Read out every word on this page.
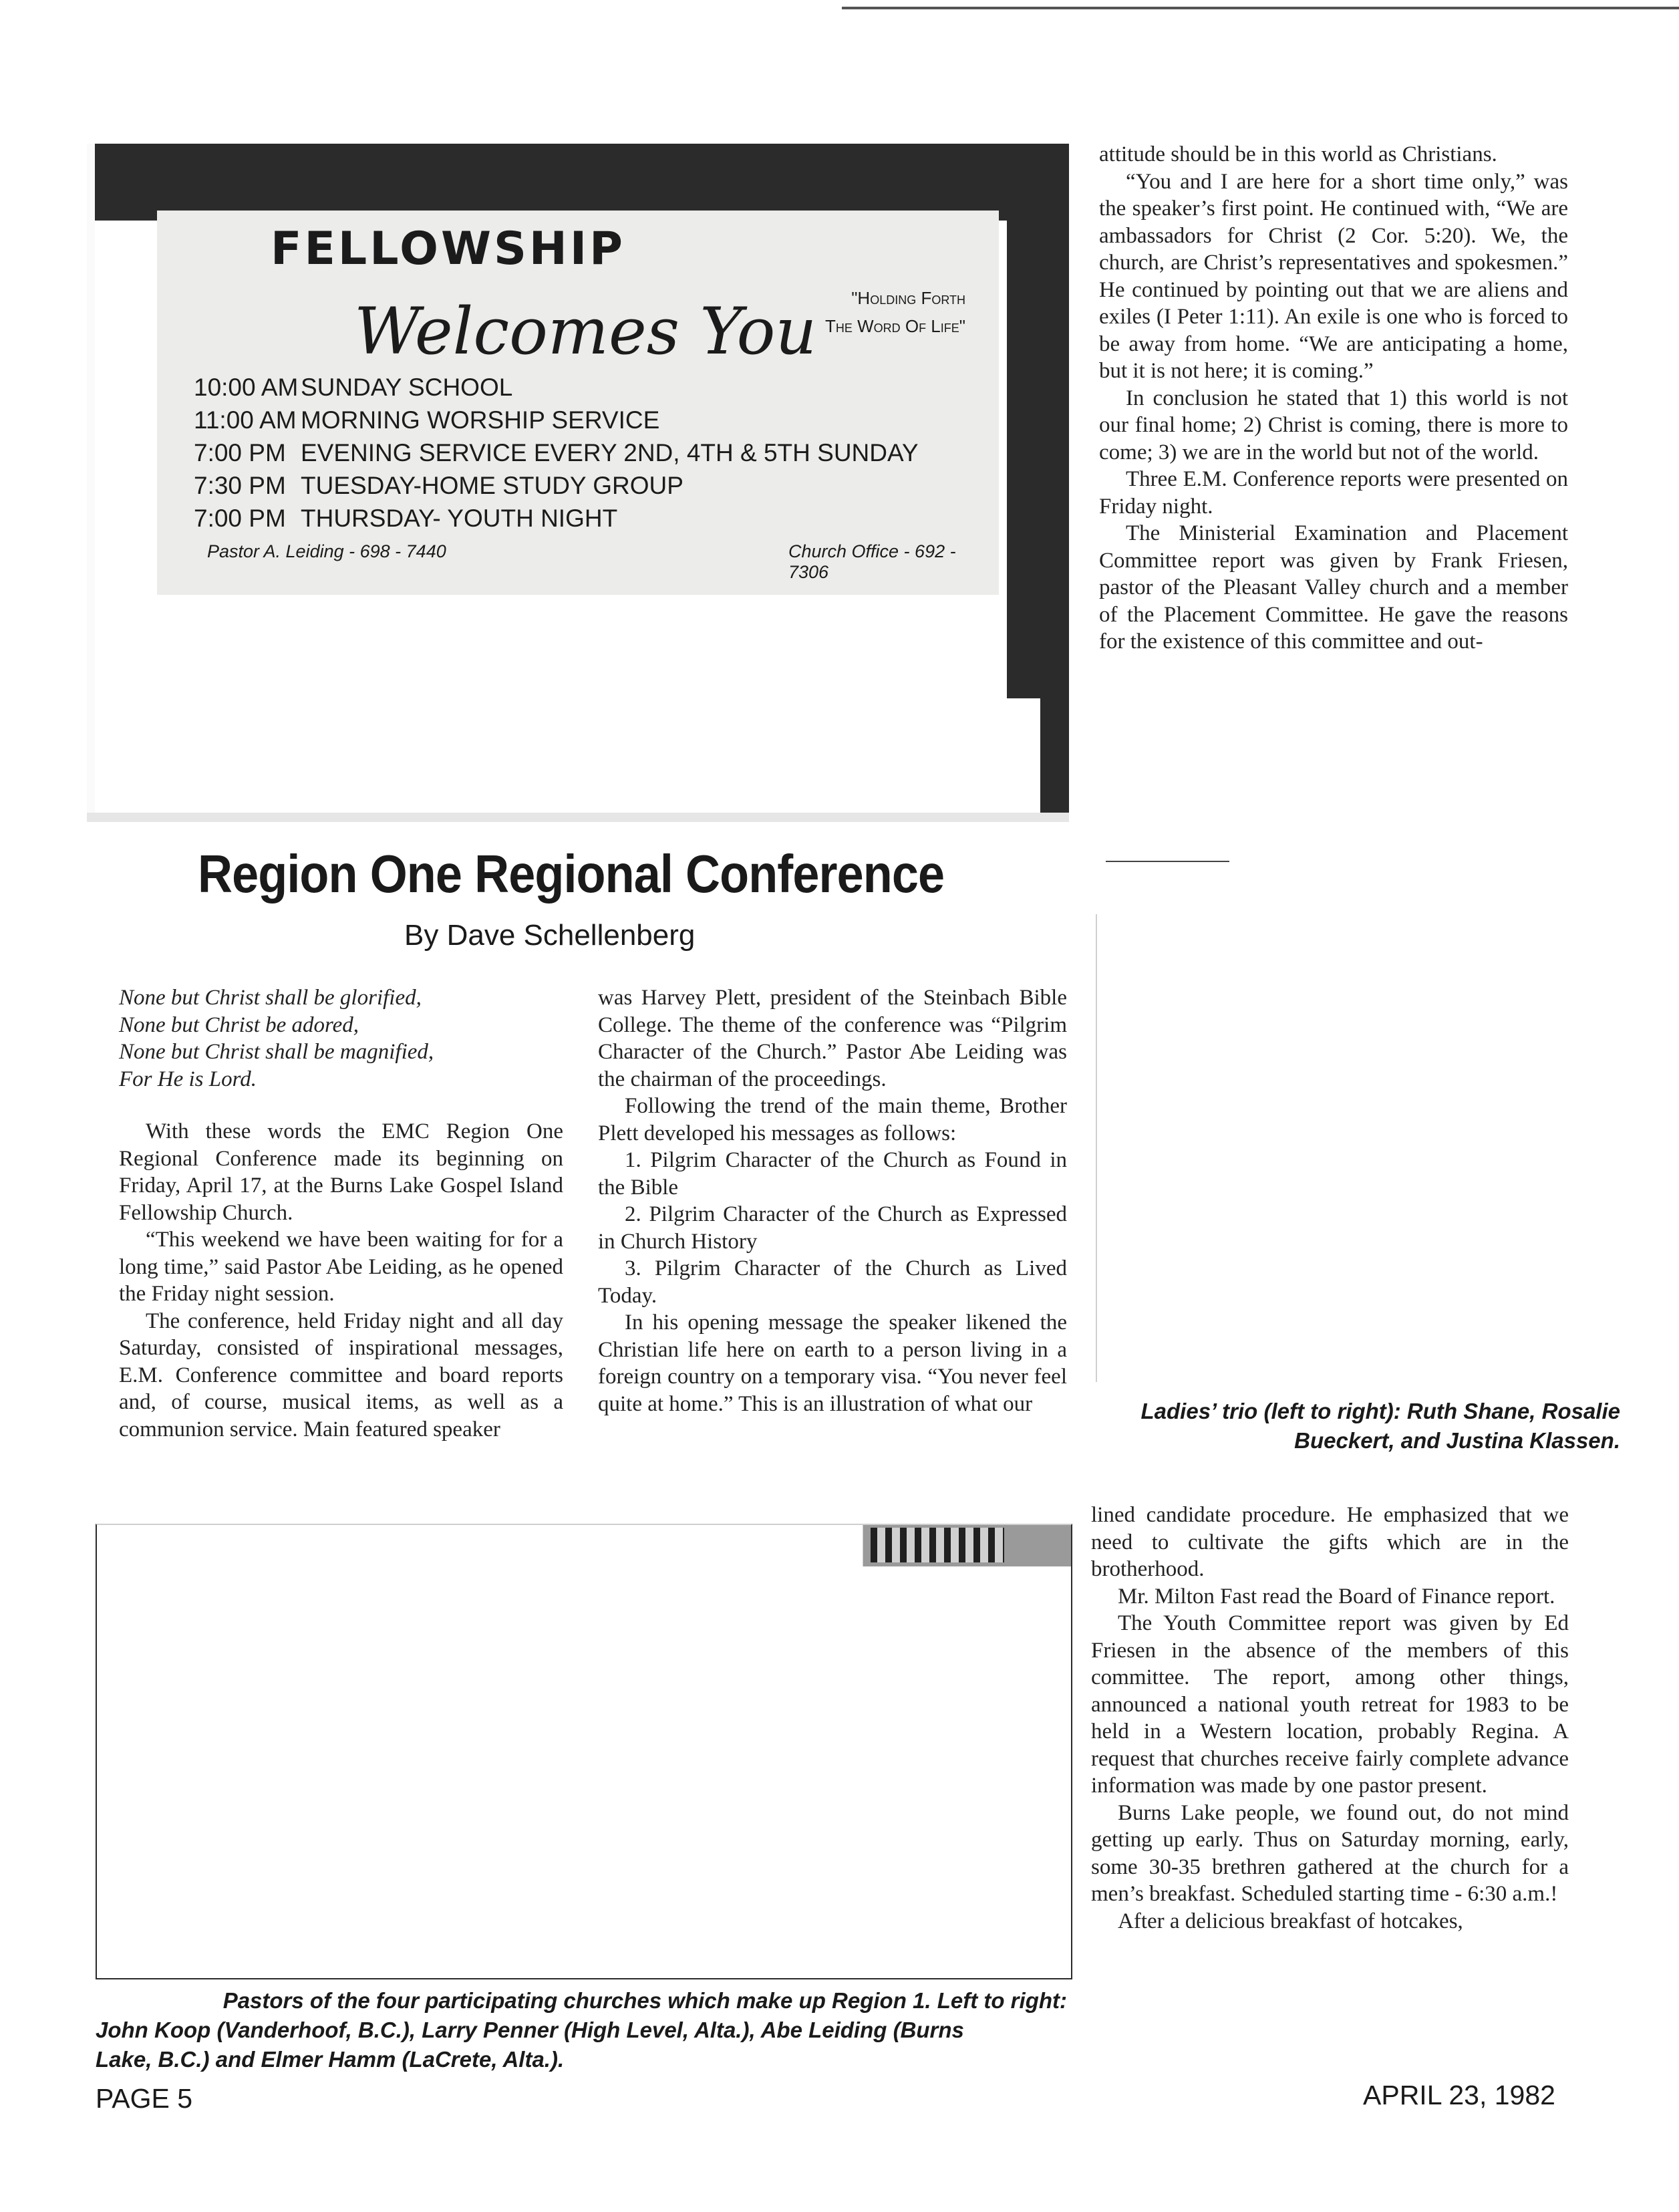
FELLOWSHIP
Welcomes You	"Holding Forth
The Word Of Life"
10:00 AMSUNDAY SCHOOL
11:00 AM MORNING WORSHIP SERVICE
7:00 PM EVENING SERVICE EVERY 2ND, 4TH & 5TH SUNDAY
7:30 PM TUESDAY-HOME STUDY GROUP
7:00 PM THURSDAY- YOUTH NIGHT
Pastor A. Leiding - 698 - 7440	Church Office - 692 - 7306
Region One Regional Conference
By Dave Schellenberg
None but Christ shall be glorified,
None but Christ be adored,
None but Christ shall be magnified,
For He is Lord.

With these words the EMC Region One Regional Conference made its beginning on Friday, April 17, at the Burns Lake Gospel Island Fellowship Church.

“This weekend we have been waiting for for a long time,” said Pastor Abe Leiding, as he opened the Friday night session.

The conference, held Friday night and all day Saturday, consisted of inspirational messages, E.M. Conference committee and board reports and, of course, musical items, as well as a communion service. Main featured speaker

was Harvey Plett, president of the Steinbach Bible College. The theme of the conference was “Pilgrim Character of the Church.” Pastor Abe Leiding was the chairman of the proceedings.

Following the trend of the main theme, Brother Plett developed his messages as follows:

1. Pilgrim Character of the Church as Found in the Bible

2. Pilgrim Character of the Church as Expressed in Church History

3. Pilgrim Character of the Church as Lived Today.

In his opening message the speaker likened the Christian life here on earth to a person living in a foreign country on a temporary visa. “You never feel quite at home.” This is an illustration of what our

attitude should be in this world as Christians.

“You and I are here for a short time only,” was the speaker’s first point. He continued with, “We are ambassadors for Christ (2 Cor. 5:20). We, the church, are Christ’s representatives and spokesmen.” He continued by pointing out that we are aliens and exiles (I Peter 1:11). An exile is one who is forced to be away from home. “We are anticipating a home, but it is not here; it is coming.”

In conclusion he stated that 1) this world is not our final home; 2) Christ is coming, there is more to come; 3) we are in the world but not of the world.

Three E.M. Conference reports were presented on Friday night.

The Ministerial Examination and Placement Committee report was given by Frank Friesen, pastor of the Pleasant Valley church and a member of the Placement Committee. He gave the reasons for the existence of this committee and out-

Ladies’ trio (left to right): Ruth Shane, Rosalie Bueckert, and Justina Klassen.
Pastors of the four participating churches which make up Region 1. Left to right:
John Koop (Vanderhoof, B.C.), Larry Penner (High Level, Alta.), Abe Leiding (Burns
Lake, B.C.) and Elmer Hamm (LaCrete, Alta.).

lined candidate procedure. He emphasized that we need to cultivate the gifts which are in the brotherhood.

Mr. Milton Fast read the Board of Finance report.

The Youth Committee report was given by Ed Friesen in the absence of the members of this committee. The report, among other things, announced a national youth retreat for 1983 to be held in a Western location, probably Regina. A request that churches receive fairly complete advance information was made by one pastor present.

Burns Lake people, we found out, do not mind getting up early. Thus on Saturday morning, early, some 30-35 brethren gathered at the church for a men’s breakfast. Scheduled starting time - 6:30 a.m.!

After a delicious breakfast of hotcakes,

PAGE 5	APRIL 23, 1982
